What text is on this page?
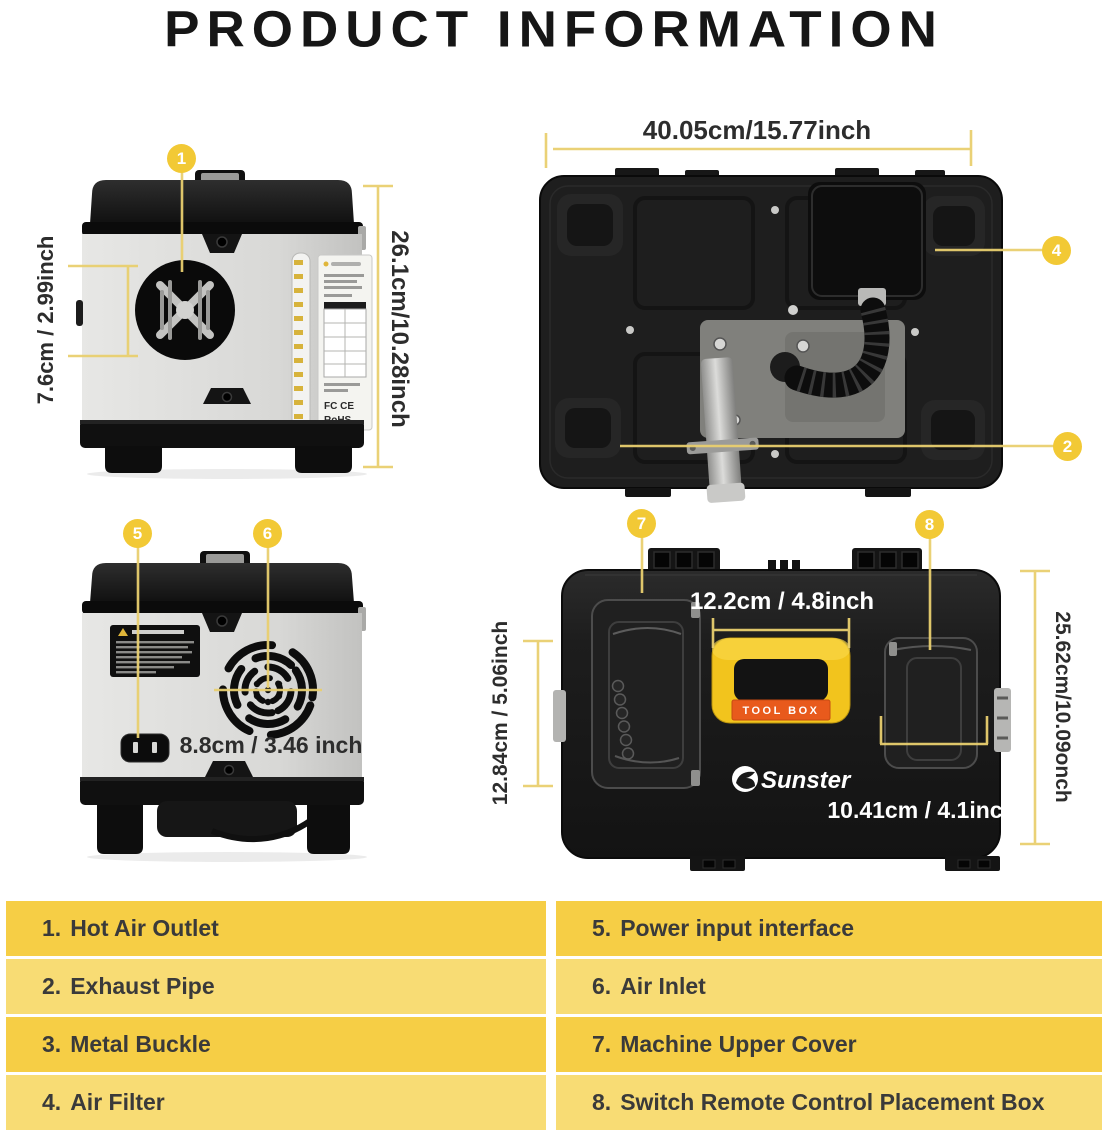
PRODUCT INFORMATION
FC CE
TOOL BOX
Sunster
1
2
4
5	6
7	8
7.6cm / 2.99inch	26.1cm/10.28inch
40.05cm/15.77inch
8.8cm / 3.46 inch
12.2cm / 4.8inch
12.84cm / 5.06inch	25.62cm/10.09onch
10.41cm / 4.1inch
1. Hot Air Outlet
2. Exhaust Pipe
3. Metal Buckle
4. Air Filter
5. Power input interface
6. Air Inlet
7. Machine Upper Cover
8. Switch Remote Control Placement Box
